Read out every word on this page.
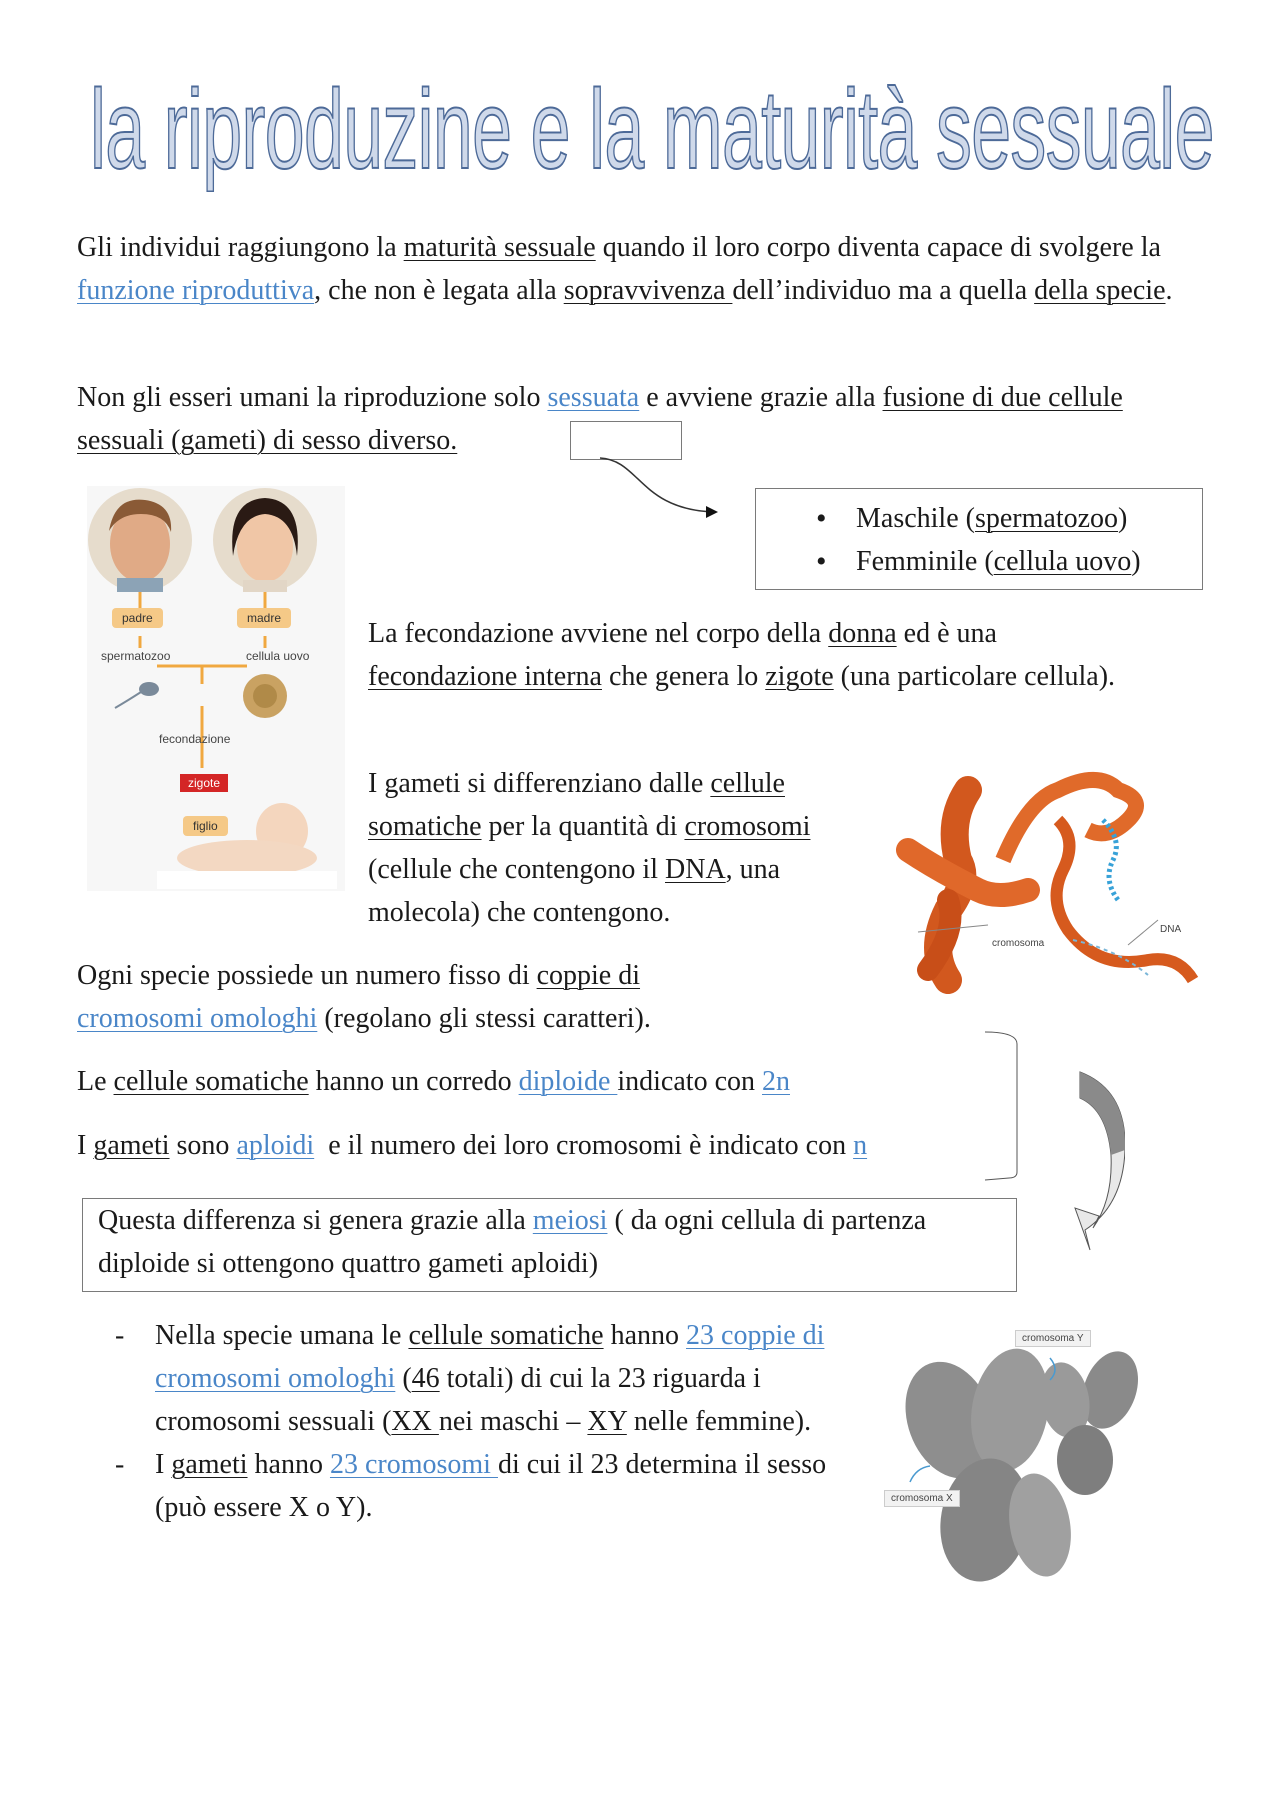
la riproduzine e la maturità sessuale
Gli individui raggiungono la maturità sessuale quando il loro corpo diventa capace di svolgere la funzione riproduttiva, che non è legata alla sopravvivenza dell’individuo ma a quella della specie.
Non gli esseri umani la riproduzione solo sessuata e avviene grazie alla fusione di due cellule sessuali (gameti) di sesso diverso.
• Maschile (spermatozoo)
• Femminile (cellula uovo)
padre	madre
spermatozoo	cellula uovo
fecondazione
zigote
figlio
La fecondazione avviene nel corpo della donna ed è una fecondazione interna che genera lo zigote (una particolare cellula).
I gameti si differenziano dalle cellule somatiche per la quantità di cromosomi (cellule che contengono il DNA, una molecola) che contengono.
cromosoma
DNA
Ogni specie possiede un numero fisso di coppie di
cromosomi omologhi (regolano gli stessi caratteri).
Le cellule somatiche hanno un corredo diploide indicato con 2n
I gameti sono aploidi  e il numero dei loro cromosomi è indicato con n
Questa differenza si genera grazie alla meiosi ( da ogni cellula di partenza diploide si ottengono quattro gameti aploidi)
- Nella specie umana le cellule somatiche hanno 23 coppie di cromosomi omologhi (46 totali) di cui la 23 riguarda i cromosomi sessuali (XX nei maschi – XY nelle femmine).
- I gameti hanno 23 cromosomi di cui il 23 determina il sesso (può essere X o Y).
cromosoma Y
cromosoma X
